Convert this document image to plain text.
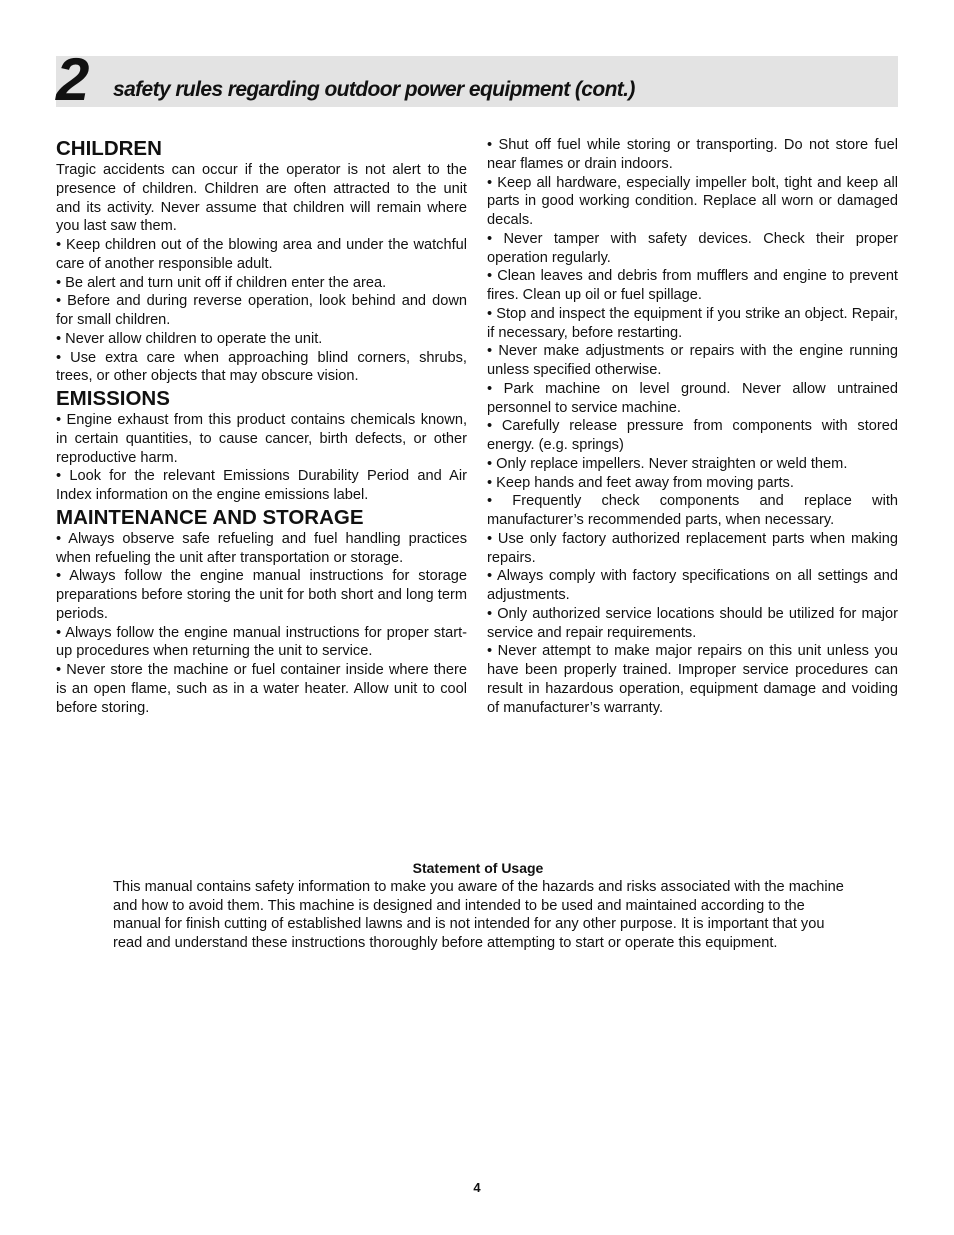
2 safety rules regarding outdoor power equipment (cont.)
CHILDREN

Tragic accidents can occur if the operator is not alert to the presence of children. Children are often attracted to the unit and its activity. Never assume that children will remain where you last saw them.

• Keep children out of the blowing area and under the watchful care of another responsible adult.

• Be alert and turn unit off if children enter the area.

• Before and during reverse operation, look behind and down for small children.

• Never allow children to operate the unit.

• Use extra care when approaching blind corners, shrubs, trees, or other objects that may obscure vision.

EMISSIONS

• Engine exhaust from this product contains chemicals known, in certain quantities, to cause cancer, birth defects, or other reproductive harm.

• Look for the relevant Emissions Durability Period and Air Index information on the engine emissions label.

MAINTENANCE AND STORAGE

• Always observe safe refueling and fuel handling practices when refueling the unit after transportation or storage.

• Always follow the engine manual instructions for storage preparations before storing the unit for both short and long term periods.

• Always follow the engine manual instructions for proper start-up procedures when returning the unit to service.

• Never store the machine or fuel container inside where there is an open flame, such as in a water heater. Allow unit to cool before storing.

• Shut off fuel while storing or transporting. Do not store fuel near flames or drain indoors.

• Keep all hardware, especially impeller bolt, tight and keep all parts in good working condition. Replace all worn or damaged decals.

• Never tamper with safety devices. Check their proper operation regularly.

• Clean leaves and debris from mufflers and engine to prevent fires. Clean up oil or fuel spillage.

• Stop and inspect the equipment if you strike an object. Repair, if necessary, before restarting.

• Never make adjustments or repairs with the engine running unless specified otherwise.

• Park machine on level ground. Never allow untrained personnel to service machine.

• Carefully release pressure from components with stored energy. (e.g. springs)

• Only replace impellers. Never straighten or weld them.

• Keep hands and feet away from moving parts.

• Frequently check components and replace with manufacturer’s recommended parts, when necessary.

• Use only factory authorized replacement parts when making repairs.

• Always comply with factory specifications on all settings and adjustments.

• Only authorized service locations should be utilized for major service and repair requirements.

• Never attempt to make major repairs on this unit unless you have been properly trained. Improper service procedures can result in hazardous operation, equipment damage and voiding of manufacturer’s warranty.

Statement of Usage

This manual contains safety information to make you aware of the hazards and risks associated with the machine and how to avoid them. This machine is designed and intended to be used and maintained according to the manual for finish cutting of established lawns and is not intended for any other purpose. It is important that you read and understand these instructions thoroughly before attempting to start or operate this equipment.

4
